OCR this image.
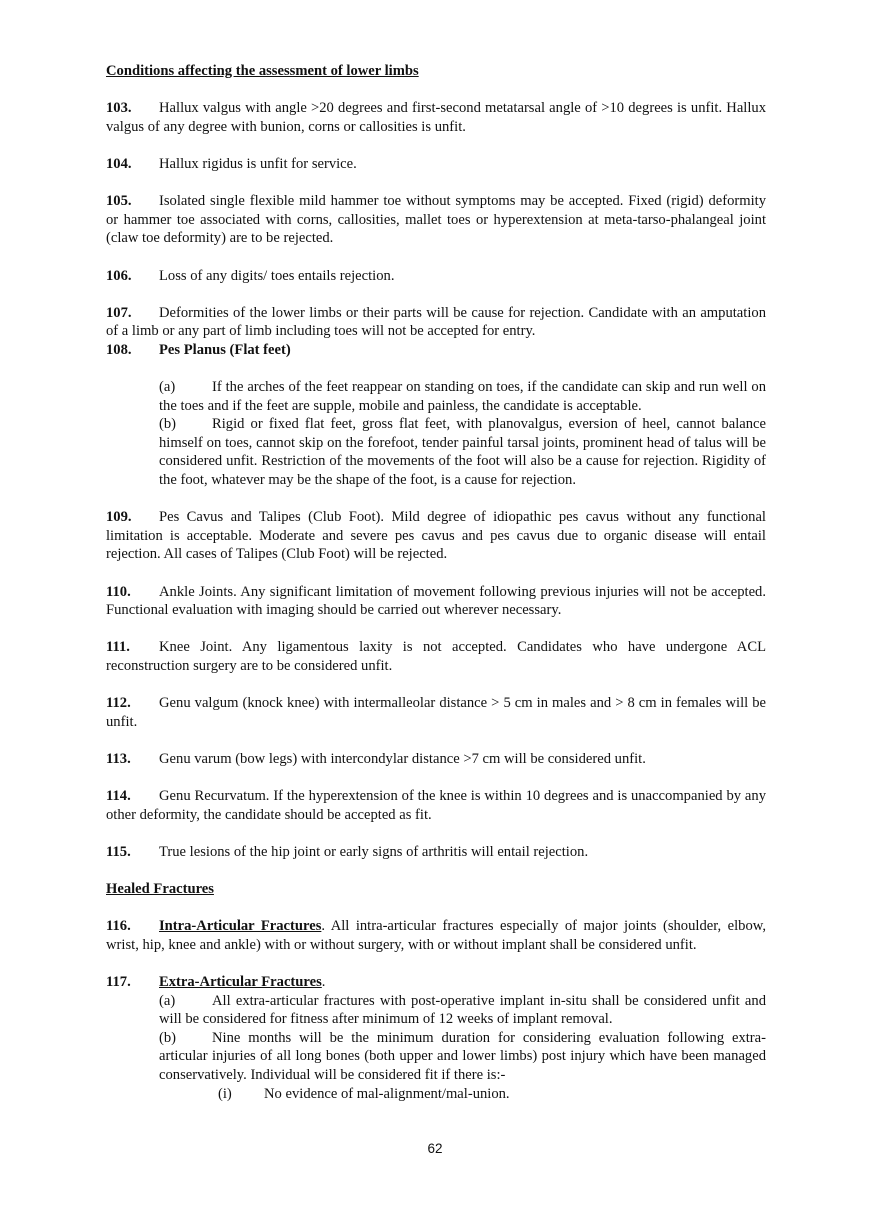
Conditions affecting the assessment of lower limbs
103. Hallux valgus with angle >20 degrees and first-second metatarsal angle of >10 degrees is unfit. Hallux valgus of any degree with bunion, corns or callosities is unfit.
104. Hallux rigidus is unfit for service.
105. Isolated single flexible mild hammer toe without symptoms may be accepted. Fixed (rigid) deformity or hammer toe associated with corns, callosities, mallet toes or hyperextension at meta-tarso-phalangeal joint (claw toe deformity) are to be rejected.
106. Loss of any digits/ toes entails rejection.
107. Deformities of the lower limbs or their parts will be cause for rejection. Candidate with an amputation of a limb or any part of limb including toes will not be accepted for entry.
108. Pes Planus (Flat feet)
(a)	If the arches of the feet reappear on standing on toes, if the candidate can skip and run well on the toes and if the feet are supple, mobile and painless, the candidate is acceptable.
(b) Rigid or fixed flat feet, gross flat feet, with planovalgus, eversion of heel, cannot balance himself on toes, cannot skip on the forefoot, tender painful tarsal joints, prominent head of talus will be considered unfit. Restriction of the movements of the foot will also be a cause for rejection. Rigidity of the foot, whatever may be the shape of the foot, is a cause for rejection.
109. Pes Cavus and Talipes (Club Foot). Mild degree of idiopathic pes cavus without any functional limitation is acceptable. Moderate and severe pes cavus and pes cavus due to organic disease will entail rejection. All cases of Talipes (Club Foot) will be rejected.
110. Ankle Joints. Any significant limitation of movement following previous injuries will not be accepted. Functional evaluation with imaging should be carried out wherever necessary.
111. Knee Joint. Any ligamentous laxity is not accepted. Candidates who have undergone ACL reconstruction surgery are to be considered unfit.
112. Genu valgum (knock knee) with intermalleolar distance > 5 cm in males and > 8 cm in females will be unfit.
113. Genu varum (bow legs) with intercondylar distance >7 cm will be considered unfit.
114. Genu Recurvatum. If the hyperextension of the knee is within 10 degrees and is unaccompanied by any other deformity, the candidate should be accepted as fit.
115. True lesions of the hip joint or early signs of arthritis will entail rejection.
Healed Fractures
116. Intra-Articular Fractures. All intra-articular fractures especially of major joints (shoulder, elbow, wrist, hip, knee and ankle) with or without surgery, with or without implant shall be considered unfit.
117. Extra-Articular Fractures.
(a)	All extra-articular fractures with post-operative implant in-situ shall be considered unfit and will be considered for fitness after minimum of 12 weeks of implant removal.
(b) Nine months will be the minimum duration for considering evaluation following extra-articular injuries of all long bones (both upper and lower limbs) post injury which have been managed conservatively. Individual will be considered fit if there is:-
(i) No evidence of mal-alignment/mal-union.
62
